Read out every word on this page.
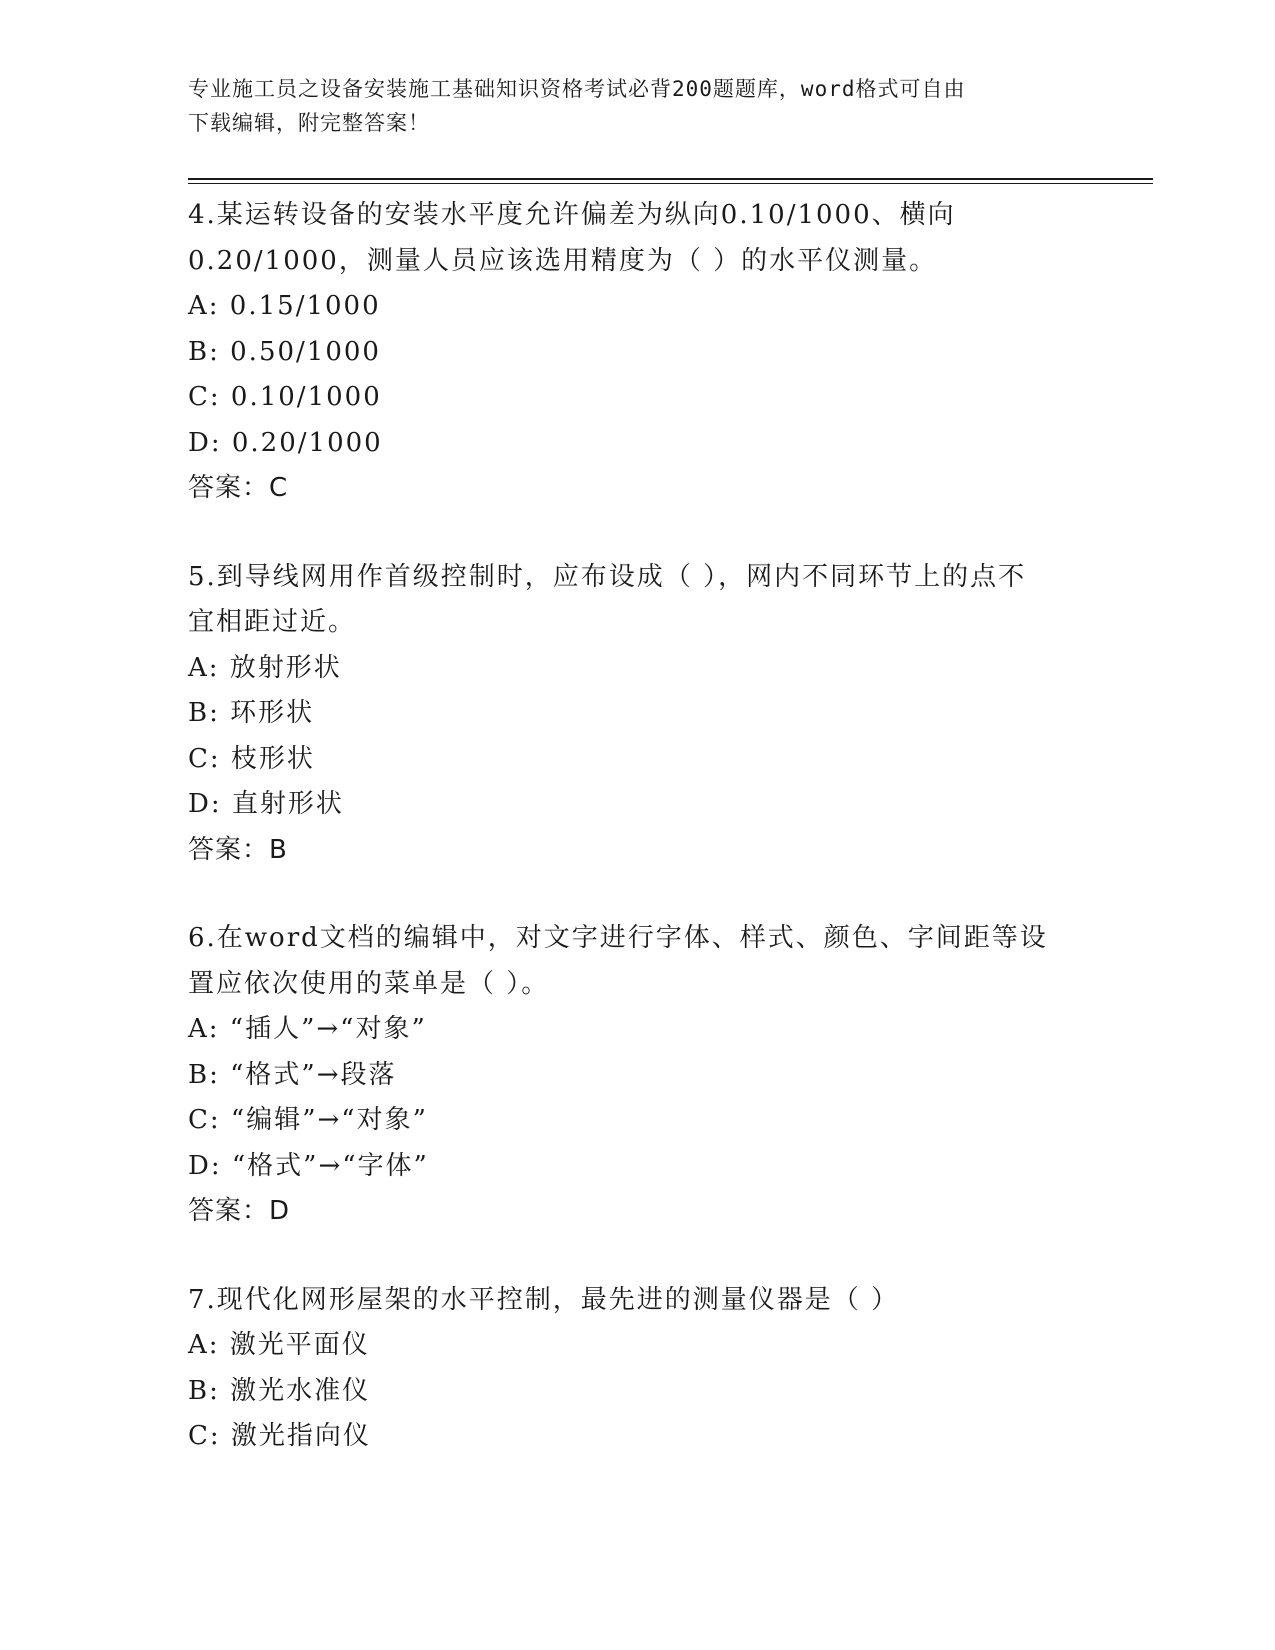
专业施工员之设备安装施工基础知识资格考试必背200题题库，word格式可自由
下载编辑，附完整答案！
4.某运转设备的安装水平度允许偏差为纵向0.10/1000、横向
0.20/1000，测量人员应该选用精度为（ ）的水平仪测量。
A: 0.15/1000
B: 0.50/1000
C: 0.10/1000
D: 0.20/1000
答案：C
5.到导线网用作首级控制时，应布设成（ ），网内不同环节上的点不
宜相距过近。
A: 放射形状
B: 环形状
C: 枝形状
D: 直射形状
答案：B
6.在word文档的编辑中，对文字进行字体、样式、颜色、字间距等设
置应依次使用的菜单是（ ）。
A: “插人”→“对象”
B: “格式”→段落
C: “编辑”→“对象”
D: “格式”→“字体”
答案：D
7.现代化网形屋架的水平控制，最先进的测量仪器是（ ）
A: 激光平面仪
B: 激光水准仪
C: 激光指向仪
